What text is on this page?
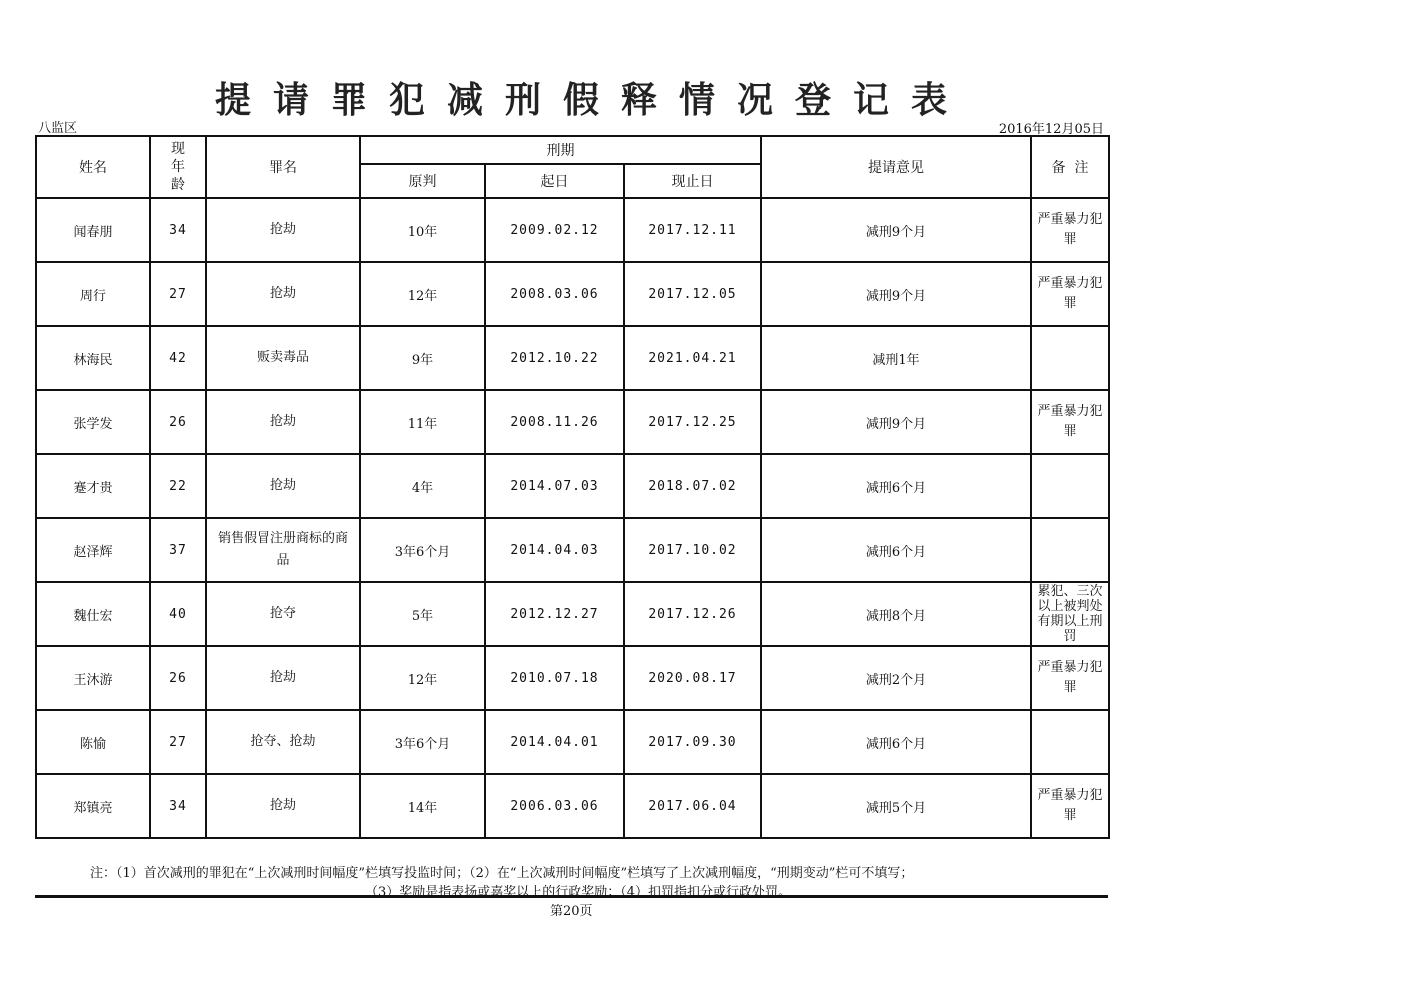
提请罪犯减刑假释情况登记表
八监区	2016年12月05日
姓名	现年龄	罪名	刑期			提请意见	备  注
			原判	起日	现止日		
闻春朋	34	抢劫	10年	2009.02.12	2017.12.11	减刑9个月	严重暴力犯罪
周行	27	抢劫	12年	2008.03.06	2017.12.05	减刑9个月	严重暴力犯罪
林海民	42	贩卖毒品	9年	2012.10.22	2021.04.21	减刑1年	
张学发	26	抢劫	11年	2008.11.26	2017.12.25	减刑9个月	严重暴力犯罪
蹇才贵	22	抢劫	4年	2014.07.03	2018.07.02	减刑6个月	
赵泽辉	37	销售假冒注册商标的商品	3年6个月	2014.04.03	2017.10.02	减刑6个月	
魏仕宏	40	抢夺	5年	2012.12.27	2017.12.26	减刑8个月	累犯、三次以上被判处有期以上刑罚
王沐游	26	抢劫	12年	2010.07.18	2020.08.17	减刑2个月	严重暴力犯罪
陈愉	27	抢夺、抢劫	3年6个月	2014.04.01	2017.09.30	减刑6个月	
郑镇亮	34	抢劫	14年	2006.03.06	2017.06.04	减刑5个月	严重暴力犯罪
注：（1）首次减刑的罪犯在“上次减刑时间幅度”栏填写投监时间；（2）在“上次减刑时间幅度”栏填写了上次减刑幅度，“刑期变动”栏可不填写；
（3）奖励是指表扬或嘉奖以上的行政奖励；（4）扣罚指扣分或行政处罚。
第20页
